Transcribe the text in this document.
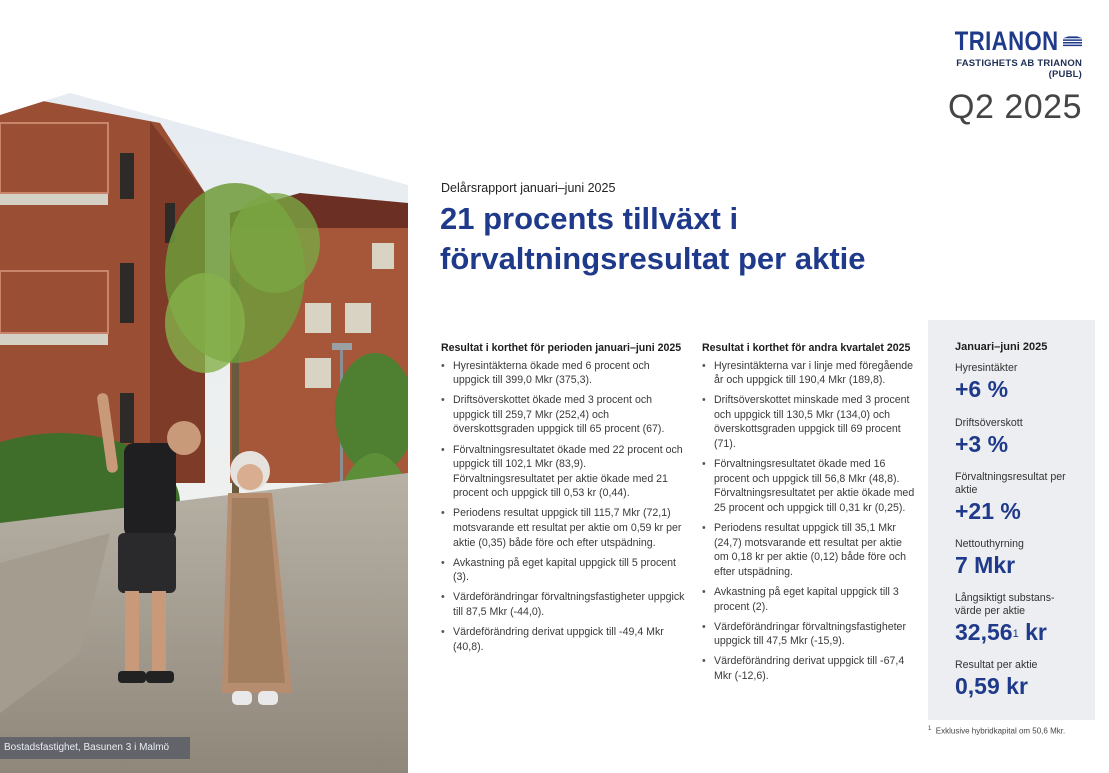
TRIANON
FASTIGHETS AB TRIANON (PUBL)
Q2 2025
Bostadsfastighet, Basunen 3 i Malmö
Delårsrapport januari–juni 2025
21 procents tillväxt i förvaltningsresultat per aktie
Resultat i korthet för perioden januari–juni 2025
• Hyresintäkterna ökade med 6 procent och uppgick till 399,0 Mkr (375,3).
• Driftsöverskottet ökade med 3 procent och uppgick till 259,7 Mkr (252,4) och överskottsgraden uppgick till 65 procent (67).
• Förvaltningsresultatet ökade med 22 procent och uppgick till 102,1 Mkr (83,9). Förvaltningsresultatet per aktie ökade med 21 procent och uppgick till 0,53 kr (0,44).
• Periodens resultat uppgick till 115,7 Mkr (72,1) motsvarande ett resultat per aktie om 0,59 kr per aktie (0,35) både före och efter utspädning.
• Avkastning på eget kapital uppgick till 5 procent (3).
• Värdeförändringar förvaltningsfastigheter uppgick till 87,5 Mkr (-44,0).
• Värdeförändring derivat uppgick till -49,4 Mkr (40,8).
Resultat i korthet för andra kvartalet 2025
• Hyresintäkterna var i linje med föregående år och uppgick till 190,4 Mkr (189,8).
• Driftsöverskottet minskade med 3 procent och uppgick till 130,5 Mkr (134,0) och överskottsgraden uppgick till 69 procent (71).
• Förvaltningsresultatet ökade med 16 procent och uppgick till 56,8 Mkr (48,8). Förvaltningsresultatet per aktie ökade med 25 procent och uppgick till 0,31 kr (0,25).
• Periodens resultat uppgick till 35,1 Mkr (24,7) motsvarande ett resultat per aktie om 0,18 kr per aktie (0,12) både före och efter utspädning.
• Avkastning på eget kapital uppgick till 3 procent (2).
• Värdeförändringar förvaltningsfastigheter uppgick till 47,5 Mkr (-15,9).
• Värdeförändring derivat uppgick till -67,4 Mkr (-12,6).
Januari–juni 2025
Hyresintäkter
+6 %
Driftsöverskott
+3 %
Förvaltningsresultat per aktie
+21 %
Nettouthyrning
7 Mkr
Långsiktigt substans-värde per aktie
32,56$^1$ kr
Resultat per aktie
0,59 kr
$^1$ Exklusive hybridkapital om 50,6 Mkr.
